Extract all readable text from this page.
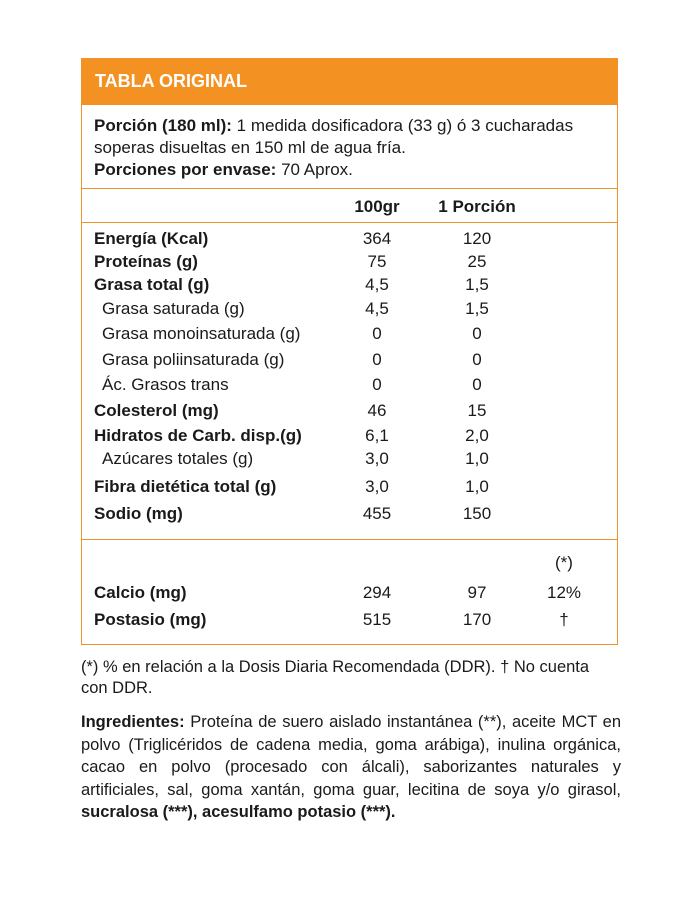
TABLA ORIGINAL
Porción (180 ml): 1 medida dosificadora (33 g) ó 3 cucharadas
soperas disueltas en 150 ml de agua fría.
Porciones por envase: 70 Aprox.
100gr	1 Porción
Energía (Kcal)	364	120
Proteínas (g)	75	25
Grasa total (g)	4,5	1,5
Grasa saturada (g)	4,5	1,5
Grasa monoinsaturada (g)	0	0
Grasa poliinsaturada (g)	0	0
Ác. Grasos trans	0	0
Colesterol (mg)	46	15
Hidratos de Carb. disp.(g)	6,1	2,0
Azúcares totales (g)	3,0	1,0
Fibra dietética total (g)	3,0	1,0
Sodio (mg)	455	150
(*)
Calcio (mg)	294	97	12%
Postasio (mg)	515	170	†
(*) % en relación a la Dosis Diaria Recomendada (DDR). † No cuenta
con DDR.
Ingredientes: Proteína de suero aislado instantánea (**), aceite MCT en polvo (Triglicéridos de cadena media, goma arábiga), inulina orgánica, cacao en polvo (procesado con álcali), saborizantes naturales y artificiales, sal, goma xantán, goma guar, lecitina de soya y/o girasol, sucralosa (***), acesulfamo potasio (***).
